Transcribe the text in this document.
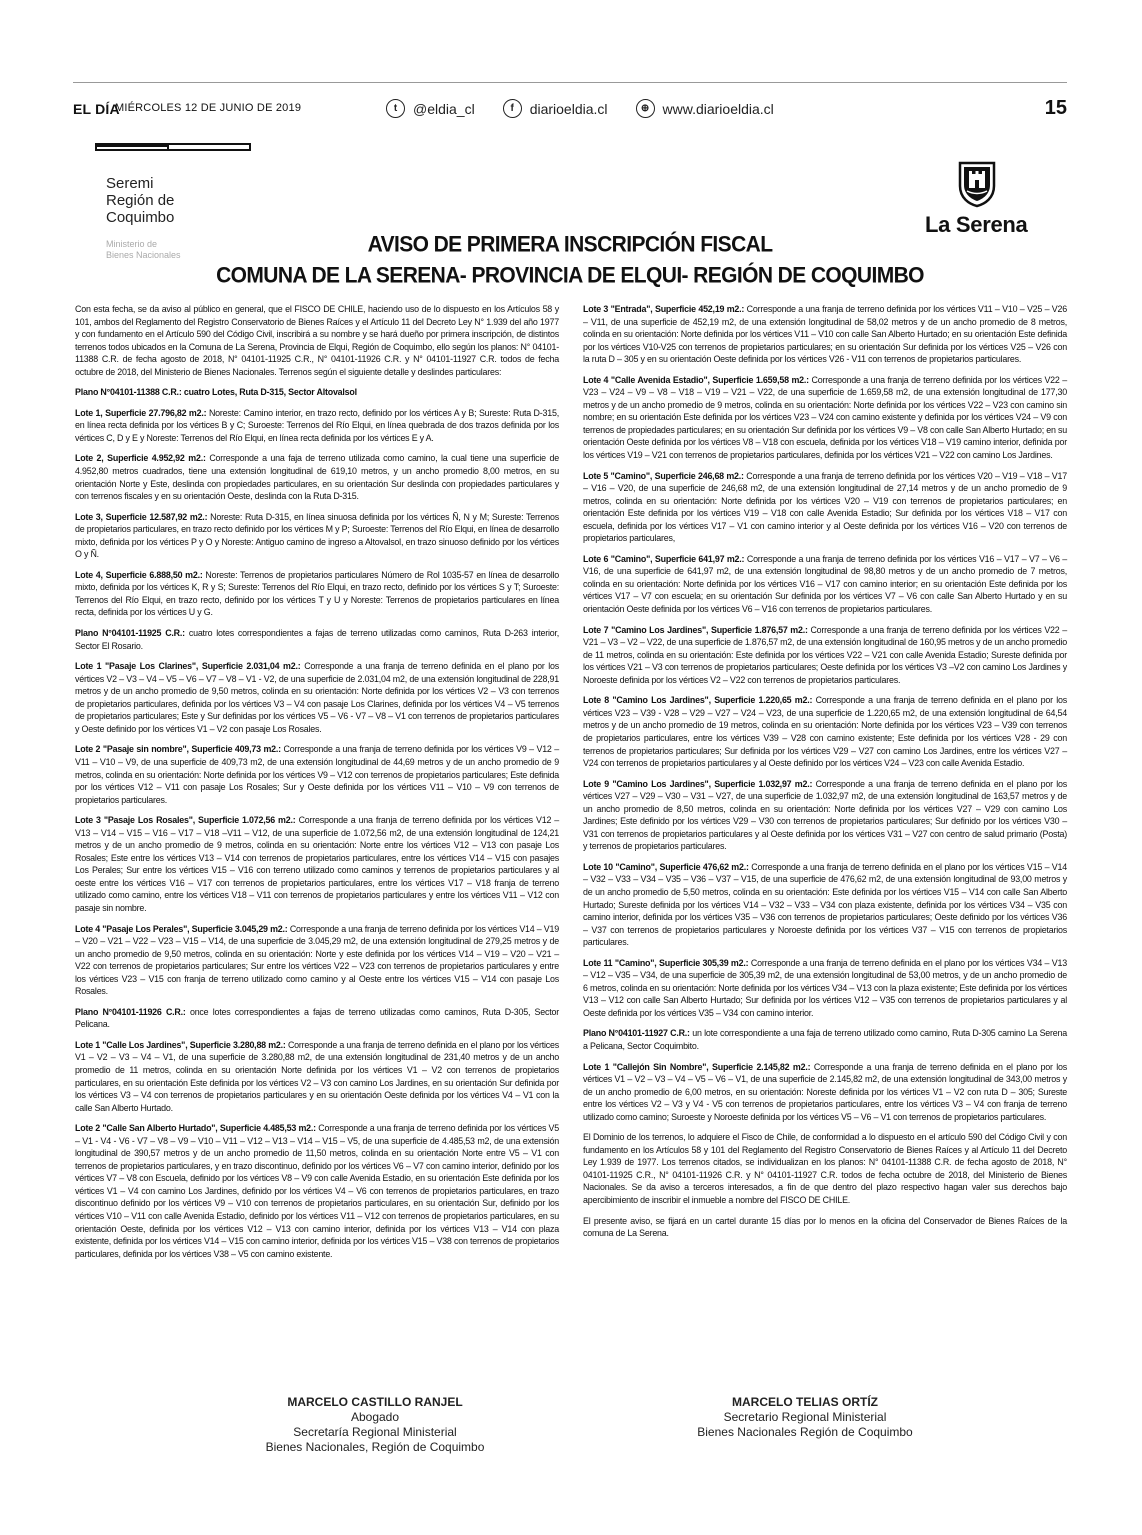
EL DÍA
MIÉRCOLES 12 DE JUNIO DE 2019	t @eldia_cl	f diarioeldia.cl	⊕ www.diarioeldia.cl	15
Seremi
Región de
Coquimbo
Ministerio de
Bienes Nacionales
La Serena
AVISO DE PRIMERA INSCRIPCIÓN FISCAL
COMUNA DE LA SERENA- PROVINCIA DE ELQUI- REGIÓN DE COQUIMBO

Con esta fecha, se da aviso al público en general, que el FISCO DE CHILE, haciendo uso de lo dispuesto en los Artículos 58 y 101, ambos del Reglamento del Registro Conservatorio de Bienes Raíces y el Artículo 11 del Decreto Ley N° 1.939 del año 1977 y con fundamento en el Artículo 590 del Código Civil, inscribirá a su nombre y se hará dueño por primera inscripción, de distintos terrenos todos ubicados en la Comuna de La Serena, Provincia de Elqui, Región de Coquimbo, ello según los planos: N° 04101-11388 C.R. de fecha agosto de 2018, N° 04101-11925 C.R., N° 04101-11926 C.R. y N° 04101-11927 C.R. todos de fecha octubre de 2018, del Ministerio de Bienes Nacionales. Terrenos según el siguiente detalle y deslindes particulares:

Plano N°04101-11388 C.R.: cuatro Lotes, Ruta D-315, Sector Altovalsol

Lote 1, Superficie 27.796,82 m2.: Noreste: Camino interior, en trazo recto, definido por los vértices A y B; Sureste: Ruta D-315, en línea recta definida por los vértices B y C; Suroeste: Terrenos del Río Elqui, en línea quebrada de dos trazos definida por los vértices C, D y E y Noreste: Terrenos del Río Elqui, en línea recta definida por los vértices E y A.

Lote 2, Superficie 4.952,92 m2.: Corresponde a una faja de terreno utilizada como camino, la cual tiene una superficie de 4.952,80 metros cuadrados, tiene una extensión longitudinal de 619,10 metros, y un ancho promedio 8,00 metros, en su orientación Norte y Este, deslinda con propiedades particulares, en su orientación Sur deslinda con propiedades particulares y con terrenos fiscales y en su orientación Oeste, deslinda con la Ruta D-315.

Lote 3, Superficie 12.587,92 m2.: Noreste: Ruta D-315, en línea sinuosa definida por los vértices Ñ, N y M; Sureste: Terrenos de propietarios particulares, en trazo recto definido por los vértices M y P; Suroeste: Terrenos del Río Elqui, en línea de desarrollo mixto, definida por los vértices P y O y Noreste: Antiguo camino de ingreso a Altovalsol, en trazo sinuoso definido por los vértices O y Ñ.

Lote 4, Superficie 6.888,50 m2.: Noreste: Terrenos de propietarios particulares Número de Rol 1035-57 en línea de desarrollo mixto, definida por los vértices K, R y S; Sureste: Terrenos del Río Elqui, en trazo recto, definido por los vértices S y T; Suroeste: Terrenos del Río Elqui, en trazo recto, definido por los vértices T y U y Noreste: Terrenos de propietarios particulares en línea recta, definida por los vértices U y G.

Plano N°04101-11925 C.R.: cuatro lotes correspondientes a fajas de terreno utilizadas como caminos, Ruta D-263 interior, Sector El Rosario.

Lote 1 "Pasaje Los Clarines", Superficie 2.031,04 m2.: Corresponde a una franja de terreno definida en el plano por los vértices V2 – V3 – V4 – V5 – V6 – V7 – V8 – V1 - V2, de una superficie de 2.031,04 m2, de una extensión longitudinal de 228,91 metros y de un ancho promedio de 9,50 metros, colinda en su orientación: Norte definida por los vértices V2 – V3 con terrenos de propietarios particulares, definida por los vértices V3 – V4 con pasaje Los Clarines, definida por los vértices V4 – V5 terrenos de propietarios particulares; Este y Sur definidas por los vértices V5 – V6 - V7 – V8 – V1 con terrenos de propietarios particulares y Oeste definido por los vértices V1 – V2 con pasaje Los Rosales.

Lote 2 "Pasaje sin nombre", Superficie 409,73 m2.: Corresponde a una franja de terreno definida por los vértices V9 – V12 – V11 – V10 – V9, de una superficie de 409,73 m2, de una extensión longitudinal de 44,69 metros y de un ancho promedio de 9 metros, colinda en su orientación: Norte definida por los vértices V9 – V12 con terrenos de propietarios particulares; Este definida por los vértices V12 – V11 con pasaje Los Rosales; Sur y Oeste definida por los vértices V11 – V10 – V9 con terrenos de propietarios particulares.

Lote 3 "Pasaje Los Rosales", Superficie 1.072,56 m2.: Corresponde a una franja de terreno definida por los vértices V12 – V13 – V14 – V15 – V16 – V17 – V18 –V11 – V12, de una superficie de 1.072,56 m2, de una extensión longitudinal de 124,21 metros y de un ancho promedio de 9 metros, colinda en su orientación: Norte entre los vértices V12 – V13 con pasaje Los Rosales; Este entre los vértices V13 – V14 con terrenos de propietarios particulares, entre los vértices V14 – V15 con pasajes Los Perales; Sur entre los vértices V15 – V16 con terreno utilizado como caminos y terrenos de propietarios particulares y al oeste entre los vértices V16 – V17 con terrenos de propietarios particulares, entre los vértices V17 – V18 franja de terreno utilizado como camino, entre los vértices V18 – V11 con terrenos de propietarios particulares y entre los vértices V11 – V12 con pasaje sin nombre.

Lote 4 "Pasaje Los Perales", Superficie 3.045,29 m2.: Corresponde a una franja de terreno definida por los vértices V14 – V19 – V20 – V21 – V22 – V23 – V15 – V14, de una superficie de 3.045,29 m2, de una extensión longitudinal de 279,25 metros y de un ancho promedio de 9,50 metros, colinda en su orientación: Norte y este definida por los vértices V14 – V19 – V20 – V21 – V22 con terrenos de propietarios particulares; Sur entre los vértices V22 – V23 con terrenos de propietarios particulares y entre los vértices V23 – V15 con franja de terreno utilizado como camino y al Oeste entre los vértices V15 – V14 con pasaje Los Rosales.

Plano N°04101-11926 C.R.: once lotes correspondientes a fajas de terreno utilizadas como caminos, Ruta D-305, Sector Pelicana.

Lote 1 "Calle Los Jardines", Superficie 3.280,88 m2.: Corresponde a una franja de terreno definida en el plano por los vértices V1 – V2 – V3 – V4 – V1, de una superficie de 3.280,88 m2, de una extensión longitudinal de 231,40 metros y de un ancho promedio de 11 metros, colinda en su orientación Norte definida por los vértices V1 – V2 con terrenos de propietarios particulares, en su orientación Este definida por los vértices V2 – V3 con camino Los Jardines, en su orientación Sur definida por los vértices V3 – V4 con terrenos de propietarios particulares y en su orientación Oeste definida por los vértices V4 – V1 con la calle San Alberto Hurtado.

Lote 2 "Calle San Alberto Hurtado", Superficie 4.485,53 m2.: Corresponde a una franja de terreno definida por los vértices V5 – V1 - V4 - V6 - V7 – V8 – V9 – V10 – V11 – V12 – V13 – V14 – V15 – V5, de una superficie de 4.485,53 m2, de una extensión longitudinal de 390,57 metros y de un ancho promedio de 11,50 metros, colinda en su orientación Norte entre V5 – V1 con terrenos de propietarios particulares, y en trazo discontinuo, definido por los vértices V6 – V7 con camino interior, definido por los vértices V7 – V8 con Escuela, definido por los vértices V8 – V9 con calle Avenida Estadio, en su orientación Este definida por los vértices V1 – V4 con camino Los Jardines, definido por los vértices V4 – V6 con terrenos de propietarios particulares, en trazo discontinuo definido por los vértices V9 – V10 con terrenos de propietarios particulares, en su orientación Sur, definido por los vértices V10 – V11 con calle Avenida Estadio, definido por los vértices V11 – V12 con terrenos de propietarios particulares, en su orientación Oeste, definida por los vértices V12 – V13 con camino interior, definida por los vértices V13 – V14 con plaza existente, definida por los vértices V14 – V15 con camino interior, definida por los vértices V15 – V38 con terrenos de propietarios particulares, definida por los vértices V38 – V5 con camino existente.

Lote 3 "Entrada", Superficie 452,19 m2.: Corresponde a una franja de terreno definida por los vértices V11 – V10 – V25 – V26 – V11, de una superficie de 452,19 m2, de una extensión longitudinal de 58,02 metros y de un ancho promedio de 8 metros, colinda en su orientación: Norte definida por los vértices V11 – V10 con calle San Alberto Hurtado; en su orientación Este definida por los vértices V10-V25 con terrenos de propietarios particulares; en su orientación Sur definida por los vértices V25 – V26 con la ruta D – 305 y en su orientación Oeste definida por los vértices V26 - V11 con terrenos de propietarios particulares.

Lote 4 "Calle Avenida Estadio", Superficie 1.659,58 m2.: Corresponde a una franja de terreno definida por los vértices V22 – V23 – V24 – V9 – V8 – V18 – V19 – V21 – V22, de una superficie de 1.659,58 m2, de una extensión longitudinal de 177,30 metros y de un ancho promedio de 9 metros, colinda en su orientación: Norte definida por los vértices V22 – V23 con camino sin nombre; en su orientación Este definida por los vértices V23 – V24 con camino existente y definida por los vértices V24 – V9 con terrenos de propiedades particulares; en su orientación Sur definida por los vértices V9 – V8 con calle San Alberto Hurtado; en su orientación Oeste definida por los vértices V8 – V18 con escuela, definida por los vértices V18 – V19 camino interior, definida por los vértices V19 – V21 con terrenos de propietarios particulares, definida por los vértices V21 – V22 con camino Los Jardines.

Lote 5 "Camino", Superficie 246,68 m2.: Corresponde a una franja de terreno definida por los vértices V20 – V19 – V18 – V17 – V16 – V20, de una superficie de 246,68 m2, de una extensión longitudinal de 27,14 metros y de un ancho promedio de 9 metros, colinda en su orientación: Norte definida por los vértices V20 – V19 con terrenos de propietarios particulares; en orientación Este definida por los vértices V19 – V18 con calle Avenida Estadio; Sur definida por los vértices V18 – V17 con escuela, definida por los vértices V17 – V1 con camino interior y al Oeste definida por los vértices V16 – V20 con terrenos de propietarios particulares,

Lote 6 "Camino", Superficie 641,97 m2.: Corresponde a una franja de terreno definida por los vértices V16 – V17 – V7 – V6 – V16, de una superficie de 641,97 m2, de una extensión longitudinal de 98,80 metros y de un ancho promedio de 7 metros, colinda en su orientación: Norte definida por los vértices V16 – V17 con camino interior; en su orientación Este definida por los vértices V17 – V7 con escuela; en su orientación Sur definida por los vértices V7 – V6 con calle San Alberto Hurtado y en su orientación Oeste definida por los vértices V6 – V16 con terrenos de propietarios particulares.

Lote 7 "Camino Los Jardines", Superficie 1.876,57 m2.: Corresponde a una franja de terreno definida por los vértices V22 – V21 – V3 – V2 – V22, de una superficie de 1.876,57 m2, de una extensión longitudinal de 160,95 metros y de un ancho promedio de 11 metros, colinda en su orientación: Este definida por los vértices V22 – V21 con calle Avenida Estadio; Sureste definida por los vértices V21 – V3 con terrenos de propietarios particulares; Oeste definida por los vértices V3 –V2 con camino Los Jardines y Noroeste definida por los vértices V2 – V22 con terrenos de propietarios particulares.

Lote 8 "Camino Los Jardines", Superficie 1.220,65 m2.: Corresponde a una franja de terreno definida en el plano por los vértices V23 – V39 - V28 – V29 – V27 – V24 – V23, de una superficie de 1.220,65 m2, de una extensión longitudinal de 64,54 metros y de un ancho promedio de 19 metros, colinda en su orientación: Norte definida por los vértices V23 – V39 con terrenos de propietarios particulares, entre los vértices V39 – V28 con camino existente; Este definida por los vértices V28 - 29 con terrenos de propietarios particulares; Sur definida por los vértices V29 – V27 con camino Los Jardines, entre los vértices V27 – V24 con terrenos de propietarios particulares y al Oeste definido por los vértices V24 – V23 con calle Avenida Estadio.

Lote 9 "Camino Los Jardines", Superficie 1.032,97 m2.: Corresponde a una franja de terreno definida en el plano por los vértices V27 – V29 – V30 – V31 – V27, de una superficie de 1.032,97 m2, de una extensión longitudinal de 163,57 metros y de un ancho promedio de 8,50 metros, colinda en su orientación: Norte definida por los vértices V27 – V29 con camino Los Jardines; Este definido por los vértices V29 – V30 con terrenos de propietarios particulares; Sur definido por los vértices V30 – V31 con terrenos de propietarios particulares y al Oeste definida por los vértices V31 – V27 con centro de salud primario (Posta) y terrenos de propietarios particulares.

Lote 10 "Camino", Superficie 476,62 m2.: Corresponde a una franja de terreno definida en el plano por los vértices V15 – V14 – V32 – V33 – V34 – V35 – V36 – V37 – V15, de una superficie de 476,62 m2, de una extensión longitudinal de 93,00 metros y de un ancho promedio de 5,50 metros, colinda en su orientación: Este definida por los vértices V15 – V14 con calle San Alberto Hurtado; Sureste definida por los vértices V14 – V32 – V33 – V34 con plaza existente, definida por los vértices V34 – V35 con camino interior, definida por los vértices V35 – V36 con terrenos de propietarios particulares; Oeste definido por los vértices V36 – V37 con terrenos de propietarios particulares y Noroeste definida por los vértices V37 – V15 con terrenos de propietarios particulares.

Lote 11 "Camino", Superficie 305,39 m2.: Corresponde a una franja de terreno definida en el plano por los vértices V34 – V13 – V12 – V35 – V34, de una superficie de 305,39 m2, de una extensión longitudinal de 53,00 metros, y de un ancho promedio de 6 metros, colinda en su orientación: Norte definida por los vértices V34 – V13 con la plaza existente; Este definida por los vértices V13 – V12 con calle San Alberto Hurtado; Sur definida por los vértices V12 – V35 con terrenos de propietarios particulares y al Oeste definida por los vértices V35 – V34 con camino interior.

Plano N°04101-11927 C.R.: un lote correspondiente a una faja de terreno utilizado como camino, Ruta D-305 camino La Serena a Pelicana, Sector Coquimbito.

Lote 1 "Callejón Sin Nombre", Superficie 2.145,82 m2.: Corresponde a una franja de terreno definida en el plano por los vértices V1 – V2 – V3 – V4 – V5 – V6 – V1, de una superficie de 2.145,82 m2, de una extensión longitudinal de 343,00 metros y de un ancho promedio de 6,00 metros, en su orientación: Noreste definida por los vértices V1 – V2 con ruta D – 305; Sureste entre los vértices V2 – V3 y V4 - V5 con terrenos de propietarios particulares, entre los vértices V3 – V4 con franja de terreno utilizado como camino; Suroeste y Noroeste definida por los vértices V5 – V6 – V1 con terrenos de propietarios particulares.

El Dominio de los terrenos, lo adquiere el Fisco de Chile, de conformidad a lo dispuesto en el artículo 590 del Código Civil y con fundamento en los Artículos 58 y 101 del Reglamento del Registro Conservatorio de Bienes Raíces y al Artículo 11 del Decreto Ley 1.939 de 1977. Los terrenos citados, se individualizan en los planos: N° 04101-11388 C.R. de fecha agosto de 2018, N° 04101-11925 C.R., N° 04101-11926 C.R. y N° 04101-11927 C.R. todos de fecha octubre de 2018, del Ministerio de Bienes Nacionales. Se da aviso a terceros interesados, a fin de que dentro del plazo respectivo hagan valer sus derechos bajo apercibimiento de inscribir el inmueble a nombre del FISCO DE CHILE.

El presente aviso, se fijará en un cartel durante 15 días por lo menos en la oficina del Conservador de Bienes Raíces de la comuna de La Serena.

MARCELO CASTILLO RANJEL
Abogado
Secretaría Regional Ministerial
Bienes Nacionales, Región de Coquimbo
MARCELO TELIAS ORTÍZ
Secretario Regional Ministerial
Bienes Nacionales Región de Coquimbo
